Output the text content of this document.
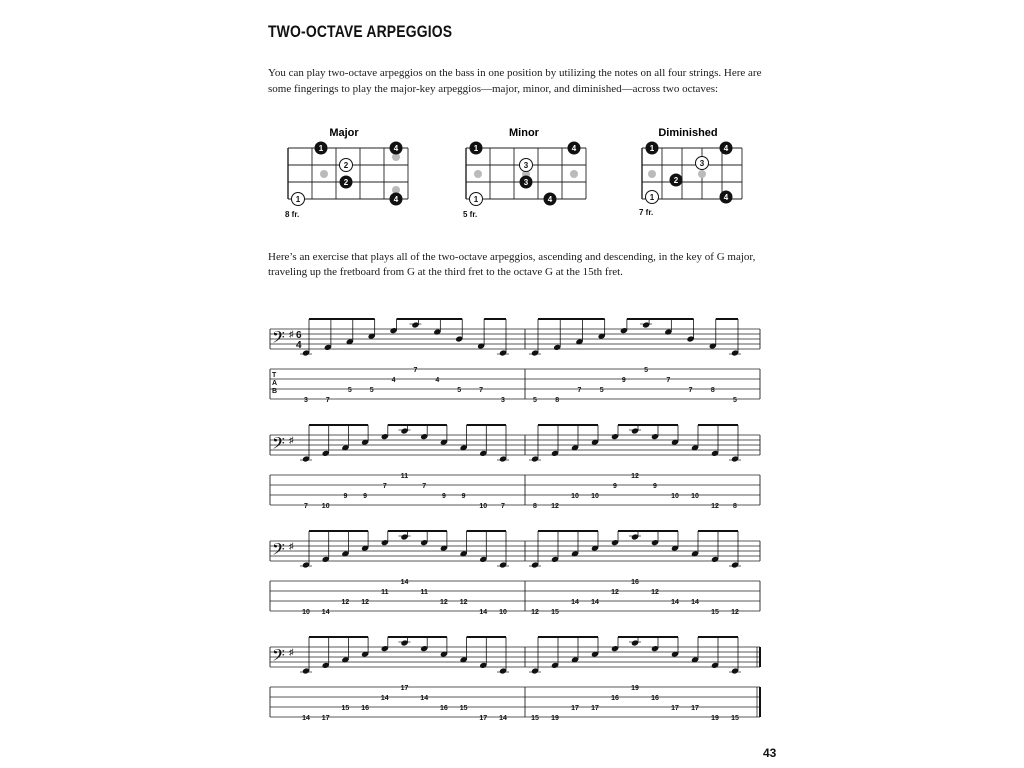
TWO-OCTAVE ARPEGGIOS
You can play two-octave arpeggios on the bass in one position by utilizing the notes on all four strings. Here are
some fingerings to play the major-key arpeggios—major, minor, and diminished—across two octaves:
Major
1
2
2
4
4
1
8 fr.
Minor
1
3
3
4
4
1
5 fr.
Diminished
1
3
2
4
4
1
7 fr.
Here’s an exercise that plays all of the two-octave arpeggios, ascending and descending, in the key of G major,
traveling up the fretboard from G at the third fret to the octave G at the 15th fret.
𝄢 ♯ 6
4
T
A
B
3	7
5	5
4
7
4
5	7
3	5	8
7	5
9
5
7
7	8
5
𝄢 ♯
7 10
9 9
7
11
7
9 9
10 7	8 12
10 10
9
12
9
10 10
12 8
𝄢 ♯
10 14
12 12
11
14
11
12 12
14 10	12 15
14 14
12
16
12
14 14
15 12
𝄢 ♯
14 17
15 16
14
17
14
16 15
17 14	15 19
17 17
16
19
16
17 17
19 15
43
